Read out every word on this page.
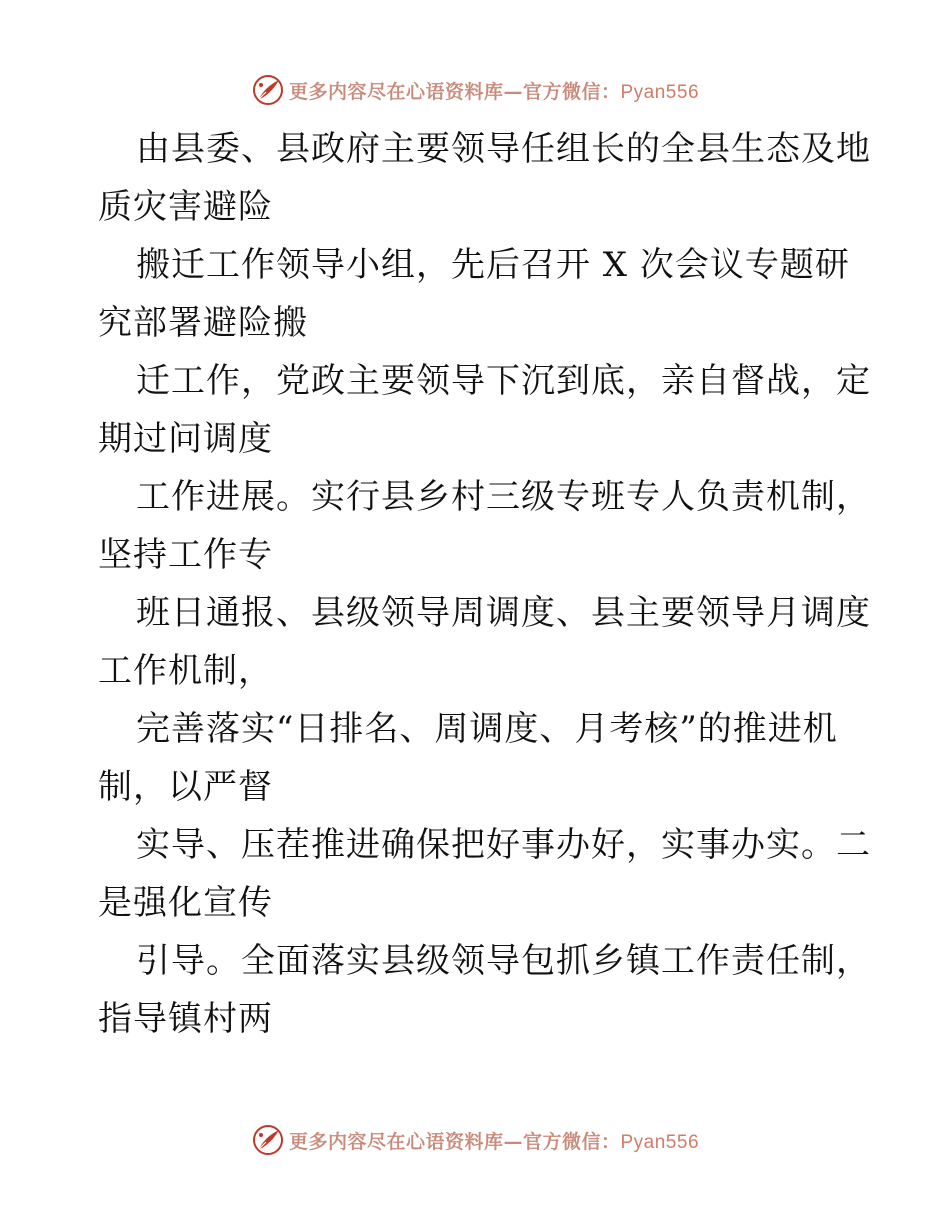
更多内容尽在心语资料库—官方微信：Pyan556
由县委、县政府主要领导任组长的全县生态及地
质灾害避险
搬迁工作领导小组，先后召开 X 次会议专题研
究部署避险搬
迁工作，党政主要领导下沉到底，亲自督战，定
期过问调度
工作进展。实行县乡村三级专班专人负责机制，
坚持工作专
班日通报、县级领导周调度、县主要领导月调度
工作机制，
完善落实“日排名、周调度、月考核”的推进机
制，以严督
实导、压茬推进确保把好事办好，实事办实。二
是强化宣传
引导。全面落实县级领导包抓乡镇工作责任制，
指导镇村两
更多内容尽在心语资料库—官方微信：Pyan556
